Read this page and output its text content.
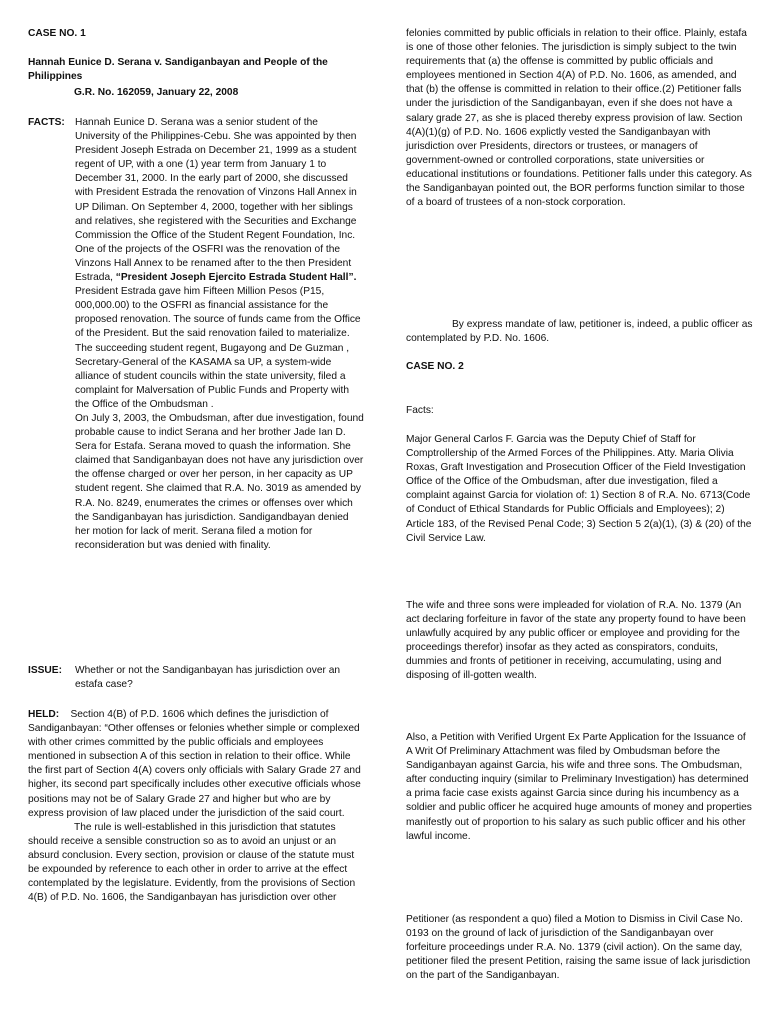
CASE NO. 1

Hannah Eunice D. Serana v. Sandiganbayan and People of the Philippines

G.R. No. 162059, January 22, 2008

FACTS:	Hannah Eunice D. Serana was a senior student of the University of the Philippines-Cebu. She was appointed by then President Joseph Estrada on December 21, 1999 as a student regent of UP, with a one (1) year term from January 1 to December 31, 2000. In the early part of 2000, she discussed with President Estrada the renovation of Vinzons Hall Annex in UP Diliman. On September 4, 2000, together with her siblings and relatives, she registered with the Securities and Exchange Commission the Office of the Student Regent Foundation, Inc. One of the projects of the OSFRI was the renovation of the Vinzons Hall Annex to be renamed after to the then President Estrada, “President Joseph Ejercito Estrada Student Hall”. President Estrada gave him Fifteen Million Pesos (P15, 000,000.00) to the OSFRI as financial assistance for the proposed renovation. The source of funds came from the Office of the President. But the said renovation failed to materialize. The succeeding student regent, Bugayong and De Guzman , Secretary-General of the KASAMA sa UP, a system-wide alliance of student councils within the state university, filed a complaint for Malversation of Public Funds and Property with the Office of the Ombudsman .

On July 3, 2003, the Ombudsman, after due investigation, found probable cause to indict Serana and her brother Jade Ian D. Sera for Estafa. Serana moved to quash the information. She claimed that Sandiganbayan does not have any jurisdiction over the offense charged or over her person, in her capacity as UP student regent. She claimed that R.A. No. 3019 as amended by R.A. No. 8249, enumerates the crimes or offenses over which the Sandiganbayan has jurisdiction. Sandigandbayan denied her motion for lack of merit. Serana filed a motion for reconsideration but was denied with finality.

ISSUE:	Whether or not the Sandiganbayan has jurisdiction over an estafa case?

HELD: Section 4(B) of P.D. 1606 which defines the jurisdiction of Sandiganbayan: “Other offenses or felonies whether simple or complexed with other crimes committed by the public officials and employees mentioned in subsection A of this section in relation to their office. While the first part of Section 4(A) covers only officials with Salary Grade 27 and higher, its second part specifically includes other executive officials whose positions may not be of Salary Grade 27 and higher but who are by express provision of law placed under the jurisdiction of the said court.

The rule is well-established in this jurisdiction that statutes should receive a sensible construction so as to avoid an unjust or an absurd conclusion. Every section, provision or clause of the statute must be expounded by reference to each other in order to arrive at the effect contemplated by the legislature. Evidently, from the provisions of Section 4(B) of P.D. No. 1606, the Sandiganbayan has jurisdiction over other

felonies committed by public officials in relation to their office. Plainly, estafa is one of those other felonies. The jurisdiction is simply subject to the twin requirements that (a) the offense is committed by public officials and employees mentioned in Section 4(A) of P.D. No. 1606, as amended, and that (b) the offense is committed in relation to their office.(2) Petitioner falls under the jurisdiction of the Sandiganbayan, even if she does not have a salary grade 27, as she is placed thereby express provision of law. Section 4(A)(1)(g) of P.D. No. 1606 explictly vested the Sandiganbayan with jurisdiction over Presidents, directors or trustees, or managers of government-owned or controlled corporations, state universities or educational institutions or foundations. Petitioner falls under this category. As the Sandiganbayan pointed out, the BOR performs function similar to those of a board of trustees of a non-stock corporation.

By express mandate of law, petitioner is, indeed, a public officer as contemplated by P.D. No. 1606.

CASE NO. 2

Facts:

Major General Carlos F. Garcia was the Deputy Chief of Staff for Comptrollership of the Armed Forces of the Philippines. Atty. Maria Olivia Roxas, Graft Investigation and Prosecution Officer of the Field Investigation Office of the Office of the Ombudsman, after due investigation, filed a complaint against Garcia for violation of: 1) Section 8 of R.A. No. 6713(Code of Conduct of Ethical Standards for Public Officials and Employees); 2) Article 183, of the Revised Penal Code; 3) Section 5 2(a)(1), (3) & (20) of the Civil Service Law.

The wife and three sons were impleaded for violation of R.A. No. 1379 (An act declaring forfeiture in favor of the state any property found to have been unlawfully acquired by any public officer or employee and providing for the proceedings therefor) insofar as they acted as conspirators, conduits, dummies and fronts of petitioner in receiving, accumulating, using and disposing of ill-gotten wealth.

Also, a Petition with Verified Urgent Ex Parte Application for the Issuance of A Writ Of Preliminary Attachment was filed by Ombudsman before the Sandiganbayan against Garcia, his wife and three sons. The Ombudsman, after conducting inquiry (similar to Preliminary Investigation) has determined a prima facie case exists against Garcia since during his incumbency as a soldier and public officer he acquired huge amounts of money and properties manifestly out of proportion to his salary as such public officer and his other lawful income.

Petitioner (as respondent a quo) filed a Motion to Dismiss in Civil Case No. 0193 on the ground of lack of jurisdiction of the Sandiganbayan over forfeiture proceedings under R.A. No. 1379 (civil action). On the same day, petitioner filed the present Petition, raising the same issue of lack jurisdiction on the part of the Sandiganbayan.
